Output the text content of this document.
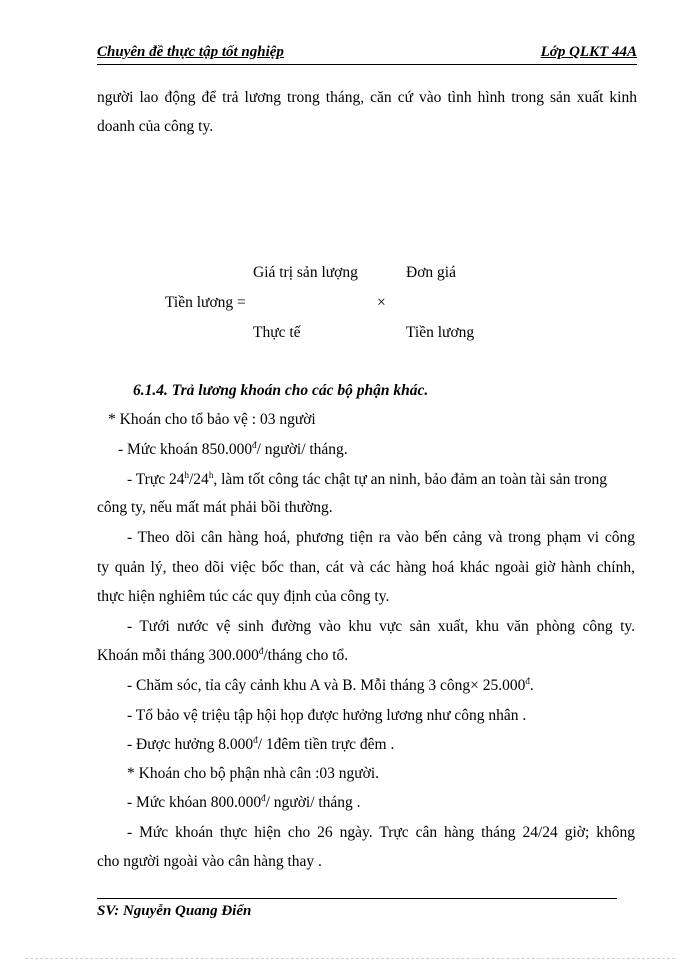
Chuyên đề thực tập tốt nghiệp	Lớp QLKT 44A
người lao động để trả lương trong tháng, căn cứ vào tình hình trong sản xuất kinh
doanh của công ty.
Giá trị sản lượng	Đơn giá
Tiền lương =	×
Thực tế	Tiền lương
6.1.4. Trả lương khoán cho các bộ phận khác.
* Khoán cho tổ bảo vệ : 03 người
- Mức khoán $850.000^đ/$ người/ tháng.
- Trực 24$^h$/24$^h$, làm tốt công tác chật tự an ninh, bảo đảm an toàn tài sản trong
công ty, nếu mất mát phải bồi thường.
- Theo dõi cân hàng hoá, phương tiện ra vào bến cảng và trong phạm vi công
ty quản lý, theo dõi việc bốc than, cát và các hàng hoá khác ngoài giờ hành chính,
thực hiện nghiêm túc các quy định của công ty.
- Tưới nước vệ sinh đường vào khu vực sản xuất, khu văn phòng công ty.
Khoán mỗi tháng $300.000^đ$/tháng cho tổ.
- Chăm sóc, tỉa cây cảnh khu A và B. Mỗi tháng 3 công× $25.000^đ$.
- Tổ bảo vệ triệu tập hội họp được hưởng lương như công nhân .
- Được hưởng $8.000^đ/$ 1đêm tiền trực đêm .
* Khoán cho bộ phận nhà cân :03 người.
- Mức khóan $800.000^đ/$ người/ tháng .
- Mức khoán thực hiện cho 26 ngày. Trực cân hàng tháng 24/24 giờ; không
cho người ngoài vào cân hàng thay .
SV: Nguyễn Quang Điển
